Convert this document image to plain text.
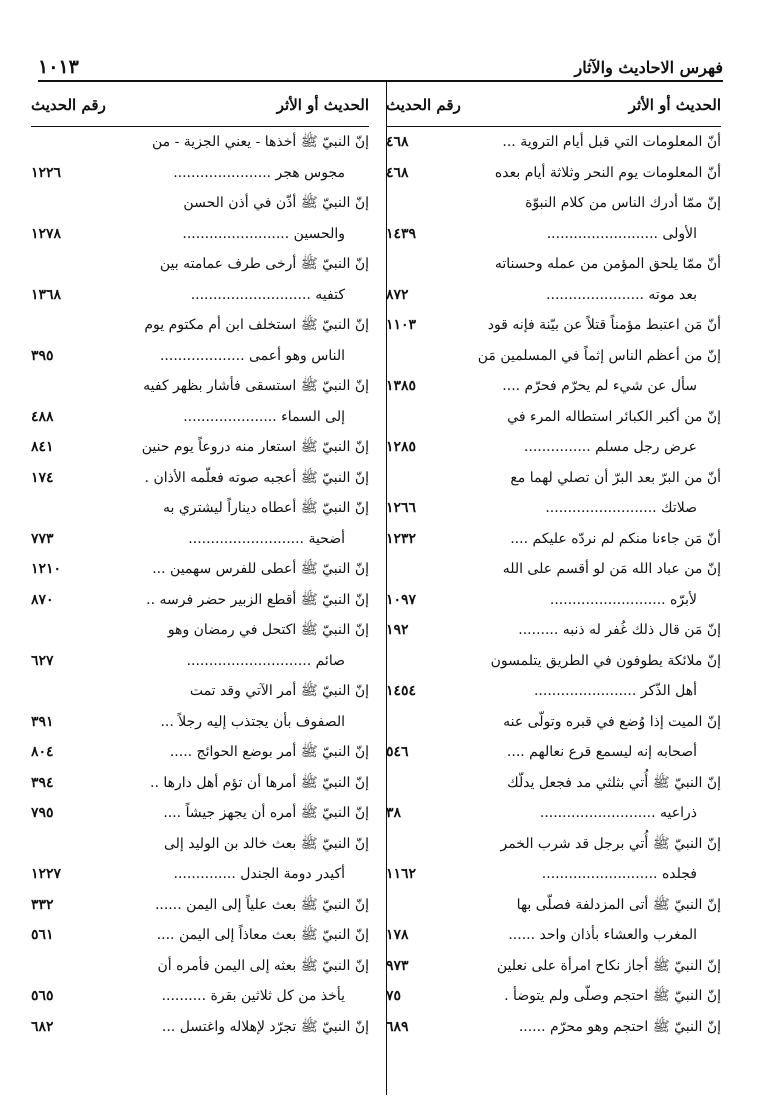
فهرس الاحاديث والآثار
١٠١٣
الحديث أو الأثر
رقم الحديث
أنّ المعلومات التي قبل أيام التروية ...
٤٦٨
أنّ المعلومات يوم النحر وثلاثة أيام بعده
٤٦٨
إنّ ممّا أدرك الناس من كلام النبوّة
الأولى .........................
١٤٣٩
أنّ ممّا يلحق المؤمن من عمله وحسناته
بعد موته ......................
٨٧٢
أنّ مَن اعتبط مؤمناً قتلاً عن بيّنة فإنه قود
١١٠٣
إنّ من أعظم الناس إثماً في المسلمين مَن
سأل عن شيء لم يحرّم فحرّم ....
١٣٨٥
إنّ من أكبر الكبائر استطاله المرء في
عرض رجل مسلم ...............
١٢٨٥
أنّ من البرّ بعد البرّ أن تصلي لهما مع
صلاتك .........................
١٢٦٦
أنّ مَن جاءنا منكم لم نردّه عليكم ....
١٢٣٢
إنّ من عباد الله مَن لو أقسم على الله
لأبرّه ..........................
١٠٩٧
إنّ مَن قال ذلك غُفر له ذنبه .........
١٩٢
إنّ ملائكة يطوفون في الطريق يتلمسون
أهل الذّكر .......................
١٤٥٤
إنّ الميت إذا وُضع في قبره وتولّى عنه
أصحابه إنه ليسمع قرع نعالهم ....
٥٤٦
إنّ النبيّ ﷺ أُتي بثلثي مد فجعل يدلّك
ذراعيه ..........................
٣٨
إنّ النبيّ ﷺ أُتي برجل قد شرب الخمر
فجلده ..........................
١١٦٢
إنّ النبيّ ﷺ أتى المزدلفة فصلّى بها
المغرب والعشاء بأذان واحد ......
١٧٨
إنّ النبيّ ﷺ أجاز نكاح امرأة على نعلين
٩٧٣
إنّ النبيّ ﷺ احتجم وصلّى ولم يتوضأ .
٧٥
إنّ النبيّ ﷺ احتجم وهو محرّم ......
٦٨٩
الحديث أو الأثر
رقم الحديث
إنّ النبيّ ﷺ أخذها - يعني الجزية - من
مجوس هجر ......................
١٢٢٦
إنّ النبيّ ﷺ أذّن في أذن الحسن
والحسين ........................
١٢٧٨
إنّ النبيّ ﷺ أرخى طرف عمامته بين
كتفيه ...........................
١٣٦٨
إنّ النبيّ ﷺ استخلف ابن أم مكتوم يوم
الناس وهو أعمى ...................
٣٩٥
إنّ النبيّ ﷺ استسقى فأشار بظهر كفيه
إلى السماء .....................
٤٨٨
إنّ النبيّ ﷺ استعار منه دروعاً يوم حنين
٨٤١
إنّ النبيّ ﷺ أعجبه صوته فعلّمه الأذان .
١٧٤
إنّ النبيّ ﷺ أعطاه ديناراً ليشتري به
أضحية ..........................
٧٧٣
إنّ النبيّ ﷺ أعطى للفرس سهمين ...
١٢١٠
إنّ النبيّ ﷺ أقطع الزبير حضر فرسه ..
٨٧٠
إنّ النبيّ ﷺ اكتحل في رمضان وهو
صائم ............................
٦٢٧
إنّ النبيّ ﷺ أمر الآتي وقد تمت
الصفوف بأن يجتذب إليه رجلاً ...
٣٩١
إنّ النبيّ ﷺ أمر بوضع الحوائج .....
٨٠٤
إنّ النبيّ ﷺ أمرها أن تؤم أهل دارها ..
٣٩٤
إنّ النبيّ ﷺ أمره أن يجهز جيشاً ....
٧٩٥
إنّ النبيّ ﷺ بعث خالد بن الوليد إلى
أكيدر دومة الجندل ..............
١٢٢٧
إنّ النبيّ ﷺ بعث علياً إلى اليمن ......
٣٣٢
إنّ النبيّ ﷺ بعث معاذاً إلى اليمن ....
٥٦١
إنّ النبيّ ﷺ بعثه إلى اليمن فأمره أن
يأخذ من كل ثلاثين بقرة ..........
٥٦٥
إنّ النبيّ ﷺ تجرّد لإهلاله واغتسل ...
٦٨٢
